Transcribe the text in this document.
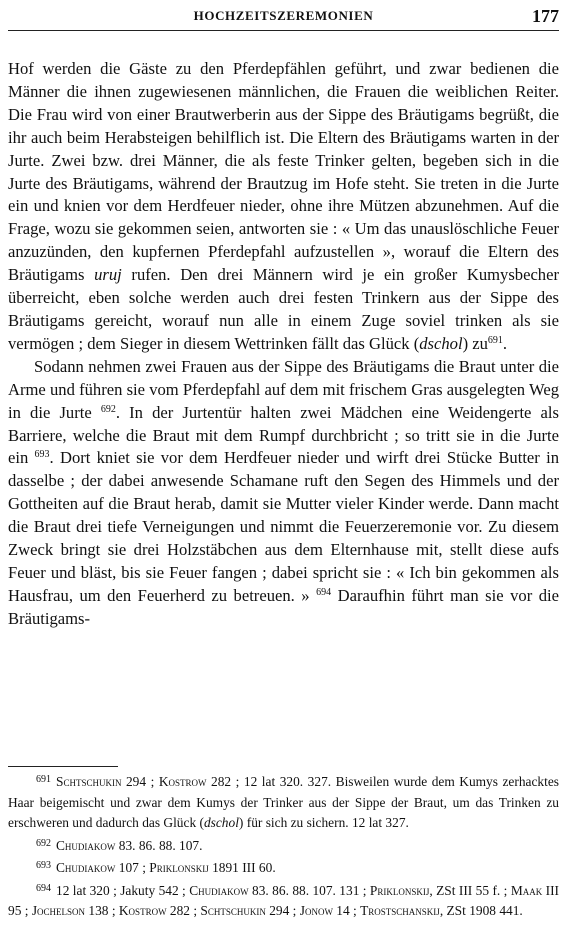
HOCHZEITSZEREMONIEN	177

Hof werden die Gäste zu den Pferdepfählen geführt, und zwar bedienen die Männer die ihnen zugewiesenen männlichen, die Frauen die weiblichen Reiter. Die Frau wird von einer Brautwerberin aus der Sippe des Bräutigams begrüßt, die ihr auch beim Herabsteigen behilflich ist. Die Eltern des Bräutigams warten in der Jurte. Zwei bzw. drei Männer, die als feste Trinker gelten, begeben sich in die Jurte des Bräutigams, während der Brautzug im Hofe steht. Sie treten in die Jurte ein und knien vor dem Herdfeuer nieder, ohne ihre Mützen abzunehmen. Auf die Frage, wozu sie gekommen seien, antworten sie : « Um das unauslöschliche Feuer anzuzünden, den kupfernen Pferdepfahl aufzustellen », worauf die Eltern des Bräutigams uruj rufen. Den drei Männern wird je ein großer Kumysbecher überreicht, eben solche werden auch drei festen Trinkern aus der Sippe des Bräutigams gereicht, worauf nun alle in einem Zuge soviel trinken als sie vermögen ; dem Sieger in diesem Wettrinken fällt das Glück (dschol) $zu^{691}$.

Sodann nehmen zwei Frauen aus der Sippe des Bräutigams die Braut unter die Arme und führen sie vom Pferdepfahl auf dem mit frischem Gras ausgelegten Weg in die Jurte $^{692}$. In der Jurtentür halten zwei Mädchen eine Weidengerte als Barriere, welche die Braut mit dem Rumpf durchbricht ; so tritt sie in die Jurte ein $^{693}$. Dort kniet sie vor dem Herdfeuer nieder und wirft drei Stücke Butter in dasselbe ; der dabei anwesende Schamane ruft den Segen des Himmels und der Gottheiten auf die Braut herab, damit sie Mutter vieler Kinder werde. Dann macht die Braut drei tiefe Verneigungen und nimmt die Feuerzeremonie vor. Zu diesem Zweck bringt sie drei Holzstäbchen aus dem Elternhause mit, stellt diese aufs Feuer und bläst, bis sie Feuer fangen ; dabei spricht sie : « Ich bin gekommen als Hausfrau, um den Feuerherd zu betreuen. » $^{694}$ Daraufhin führt man sie vor die Bräutigams-

$^{691}$ Schtschukin 294 ; Kostrow 282 ; 12 lat 320. 327. Bisweilen wurde dem Kumys zerhacktes Haar beigemischt und zwar dem Kumys der Trinker aus der Sippe der Braut, um das Trinken zu erschweren und dadurch das Glück (dschol) für sich zu sichern. 12 lat 327.

$^{692}$ Chudiakow 83. 86. 88. 107.

$^{693}$ Chudiakow 107 ; Priklonskij 1891 III 60.

$^{694}$ 12 lat 320 ; Jakuty 542 ; Chudiakow 83. 86. 88. 107. 131 ; Priklonskij, ZSt III 55 f. ; Maak III 95 ; Jochelson 138 ; Kostrow 282 ; Schtschukin 294 ; Jonow 14 ; Trostschanskij, ZSt 1908 441.
